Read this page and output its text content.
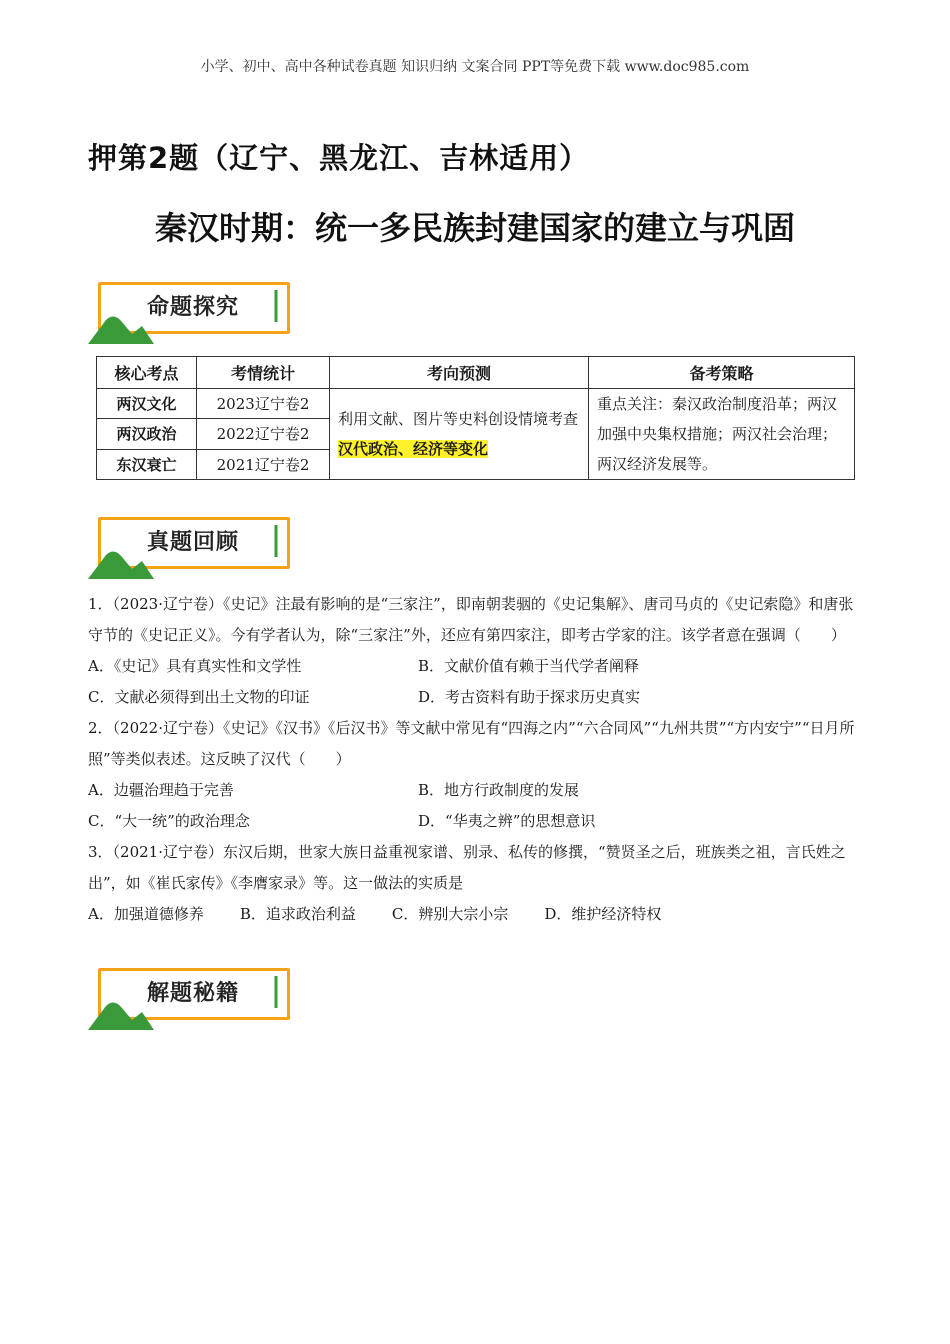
小学、初中、高中各种试卷真题 知识归纳 文案合同 PPT等免费下载 www.doc985.com
押第2题（辽宁、黑龙江、吉林适用）
秦汉时期：统一多民族封建国家的建立与巩固
命题探究
核心考点	考情统计	考向预测	备考策略
两汉文化	2023辽宁卷2	利用文献、图片等史料创设情境考查汉代政治、经济等变化	重点关注：秦汉政治制度沿革；两汉加强中央集权措施；两汉社会治理；两汉经济发展等。
两汉政治	2022辽宁卷2		
东汉衰亡	2021辽宁卷2		
真题回顾

1．（2023·辽宁卷）《史记》注最有影响的是“三家注”，即南朝裴骃的《史记集解》、唐司马贞的《史记索隐》和唐张守节的《史记正义》。今有学者认为，除“三家注”外，还应有第四家注，即考古学家的注。该学者意在强调（　　）

A．《史记》具有真实性和文学性	B．文献价值有赖于当代学者阐释
C．文献必须得到出土文物的印证	D．考古资料有助于探求历史真实

2．（2022·辽宁卷）《史记》《汉书》《后汉书》等文献中常见有“四海之内”“六合同风”“九州共贯”“方内安宁”“日月所照”等类似表述。这反映了汉代（　　）

A．边疆治理趋于完善	B．地方行政制度的发展
C．“大一统”的政治理念	D．“华夷之辨”的思想意识

3．（2021·辽宁卷）东汉后期，世家大族日益重视家谱、别录、私传的修撰，“赞贤圣之后，班族类之祖，言氏姓之出”，如《崔氏家传》《李膺家录》等。这一做法的实质是

A．加强道德修养 B．追求政治利益 C．辨别大宗小宗 D．维护经济特权
解题秘籍
